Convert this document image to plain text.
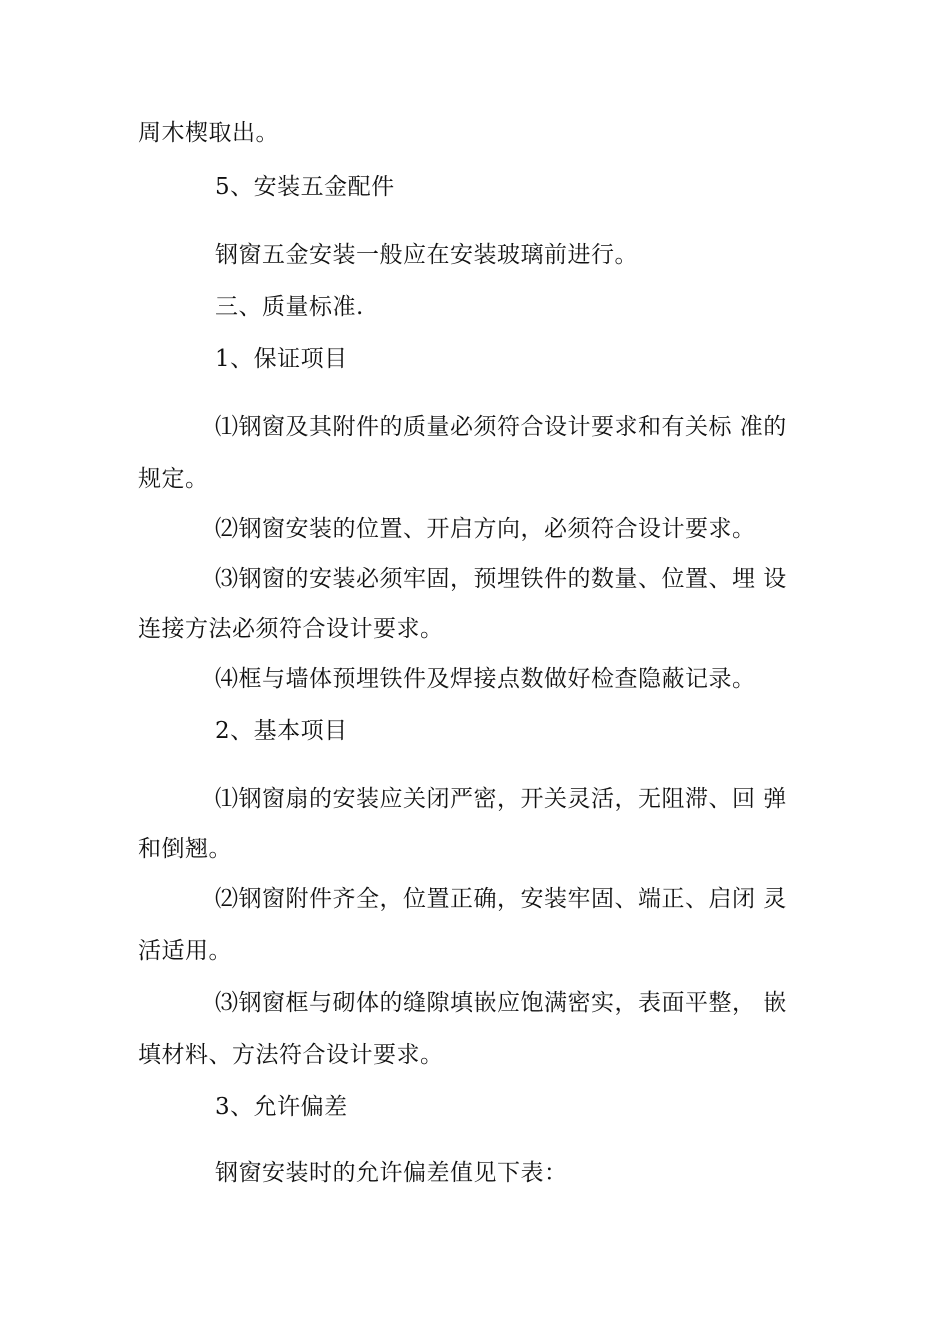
周木楔取出。
5、安装五金配件
钢窗五金安装一般应在安装玻璃前进行。
三、质量标准.
1、保证项目
⑴钢窗及其附件的质量必须符合设计要求和有关标 准的
规定。
⑵钢窗安装的位置、开启方向，必须符合设计要求。
⑶钢窗的安装必须牢固，预埋铁件的数量、位置、埋 设
连接方法必须符合设计要求。
⑷框与墙体预埋铁件及焊接点数做好检查隐蔽记录。
2、基本项目
⑴钢窗扇的安装应关闭严密，开关灵活，无阻滞、回 弹
和倒翘。
⑵钢窗附件齐全，位置正确，安装牢固、端正、启闭 灵
活适用。
⑶钢窗框与砌体的缝隙填嵌应饱满密实，表面平整， 嵌
填材料、方法符合设计要求。
3、允许偏差
钢窗安装时的允许偏差值见下表：
